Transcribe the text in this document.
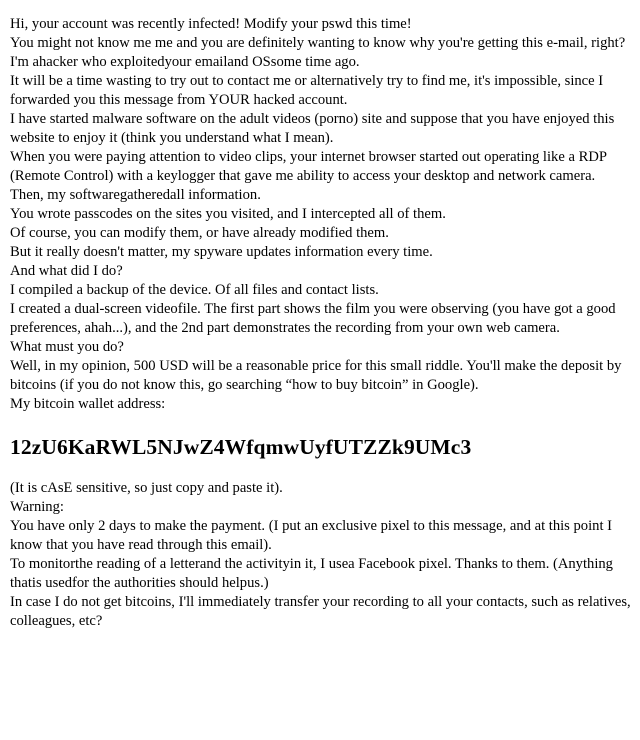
Hi, your account was recently infected! Modify your pswd this time!

You might not know me me and you are definitely wanting to know why you're getting this e-mail, right?

I'm ahacker who exploitedyour emailand OSsome time ago.

It will be a time wasting to try out to contact me or alternatively try to find me, it's impossible, since I forwarded you this message from YOUR hacked account.

I have started malware software on the adult videos (porno) site and suppose that you have enjoyed this website to enjoy it (think you understand what I mean).

When you were paying attention to video clips, your internet browser started out operating like a RDP (Remote Control) with a keylogger that gave me ability to access your desktop and network camera.

Then, my softwaregatheredall information.

You wrote passcodes on the sites you visited, and I intercepted all of them.

Of course, you can modify them, or have already modified them.

But it really doesn't matter, my spyware updates information every time.

And what did I do?

I compiled a backup of the device. Of all files and contact lists.

I created a dual-screen videofile. The first part shows the film you were observing (you have got a good preferences, ahah...), and the 2nd part demonstrates the recording from your own web camera.

What must you do?

Well, in my opinion, 500 USD will be a reasonable price for this small riddle. You'll make the deposit by bitcoins (if you do not know this, go searching “how to buy bitcoin” in Google).

My bitcoin wallet address:

12zU6KaRWL5NJwZ4WfqmwUyfUTZZk9UMc3

(It is cAsE sensitive, so just copy and paste it).

Warning:

You have only 2 days to make the payment. (I put an exclusive pixel to this message, and at this point I know that you have read through this email).

To monitorthe reading of a letterand the activityin it, I usea Facebook pixel. Thanks to them. (Anything thatis usedfor the authorities should helpus.)

In case I do not get bitcoins, I'll immediately transfer your recording to all your contacts, such as relatives, colleagues, etc?
